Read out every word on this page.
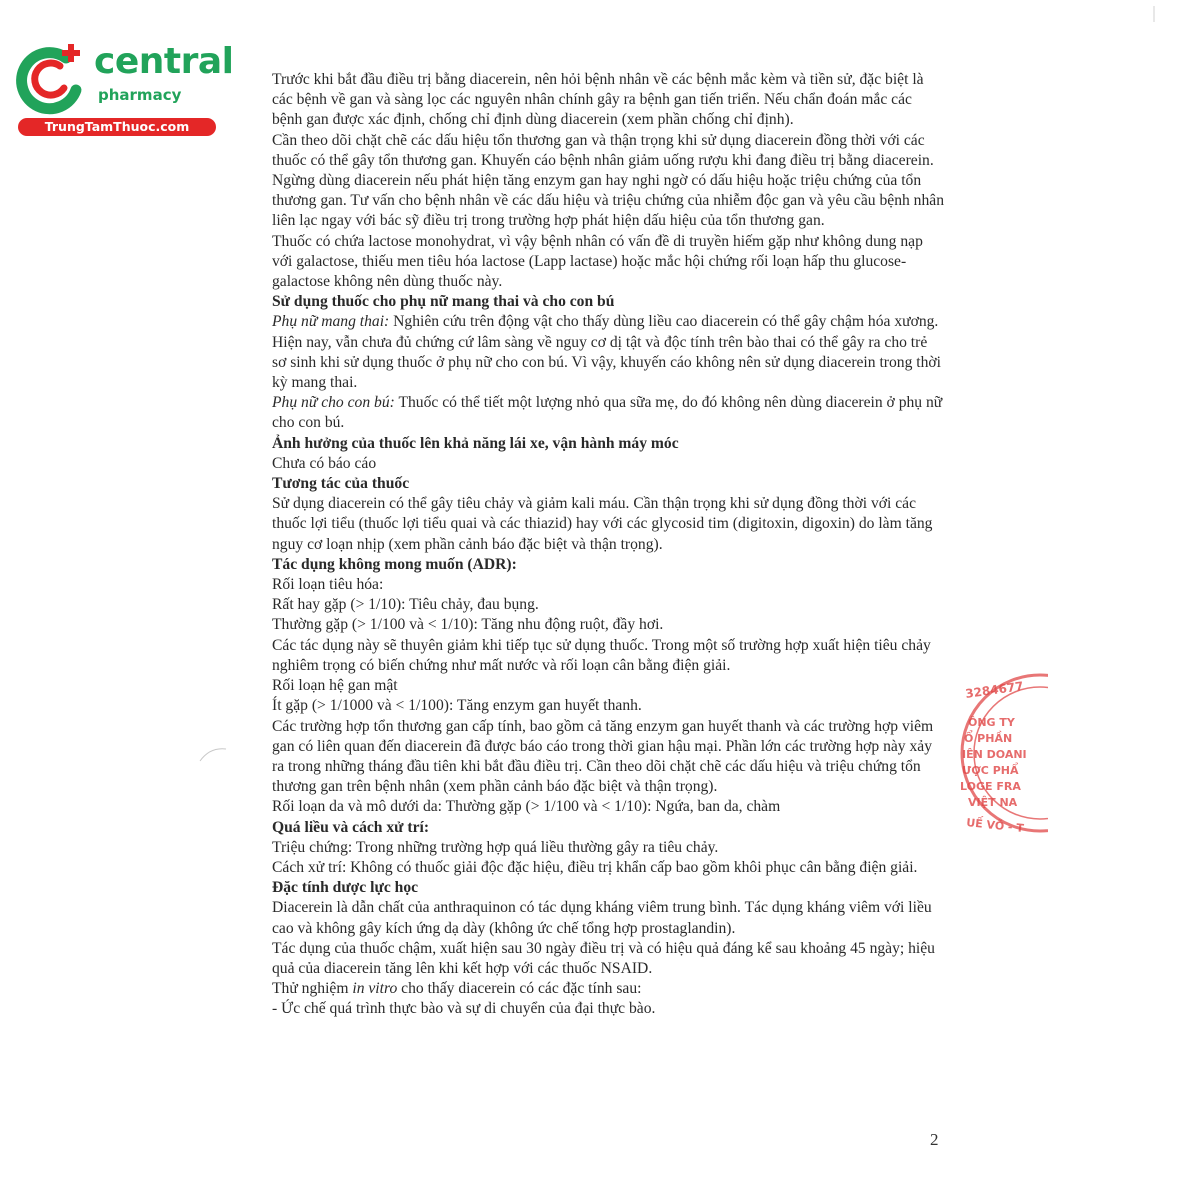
central
pharmacy
TrungTamThuoc.com

Trước khi bắt đầu điều trị bằng diacerein, nên hỏi bệnh nhân về các bệnh mắc kèm và tiền sử, đặc biệt là các bệnh về gan và sàng lọc các nguyên nhân chính gây ra bệnh gan tiến triển. Nếu chẩn đoán mắc các bệnh gan được xác định, chống chỉ định dùng diacerein (xem phần chống chỉ định).

Cần theo dõi chặt chẽ các dấu hiệu tổn thương gan và thận trọng khi sử dụng diacerein đồng thời với các thuốc có thể gây tổn thương gan. Khuyến cáo bệnh nhân giảm uống rượu khi đang điều trị bằng diacerein.

Ngừng dùng diacerein nếu phát hiện tăng enzym gan hay nghi ngờ có dấu hiệu hoặc triệu chứng của tổn thương gan. Tư vấn cho bệnh nhân về các dấu hiệu và triệu chứng của nhiễm độc gan và yêu cầu bệnh nhân liên lạc ngay với bác sỹ điều trị trong trường hợp phát hiện dấu hiệu của tổn thương gan.

Thuốc có chứa lactose monohydrat, vì vậy bệnh nhân có vấn đề di truyền hiếm gặp như không dung nạp với galactose, thiếu men tiêu hóa lactose (Lapp lactase) hoặc mắc hội chứng rối loạn hấp thu glucose-galactose không nên dùng thuốc này.

Sử dụng thuốc cho phụ nữ mang thai và cho con bú

Phụ nữ mang thai: Nghiên cứu trên động vật cho thấy dùng liều cao diacerein có thể gây chậm hóa xương. Hiện nay, vẫn chưa đủ chứng cứ lâm sàng về nguy cơ dị tật và độc tính trên bào thai có thể gây ra cho trẻ sơ sinh khi sử dụng thuốc ở phụ nữ cho con bú. Vì vậy, khuyến cáo không nên sử dụng diacerein trong thời kỳ mang thai.

Phụ nữ cho con bú: Thuốc có thể tiết một lượng nhỏ qua sữa mẹ, do đó không nên dùng diacerein ở phụ nữ cho con bú.

Ảnh hưởng của thuốc lên khả năng lái xe, vận hành máy móc

Chưa có báo cáo

Tương tác của thuốc

Sử dụng diacerein có thể gây tiêu chảy và giảm kali máu. Cần thận trọng khi sử dụng đồng thời với các thuốc lợi tiểu (thuốc lợi tiểu quai và các thiazid) hay với các glycosid tim (digitoxin, digoxin) do làm tăng nguy cơ loạn nhịp (xem phần cảnh báo đặc biệt và thận trọng).

Tác dụng không mong muốn (ADR):

Rối loạn tiêu hóa:

Rất hay gặp (> 1/10): Tiêu chảy, đau bụng.

Thường gặp (> 1/100 và < 1/10): Tăng nhu động ruột, đầy hơi.

Các tác dụng này sẽ thuyên giảm khi tiếp tục sử dụng thuốc. Trong một số trường hợp xuất hiện tiêu chảy nghiêm trọng có biến chứng như mất nước và rối loạn cân bằng điện giải.

Rối loạn hệ gan mật

Ít gặp (> 1/1000 và < 1/100): Tăng enzym gan huyết thanh.

Các trường hợp tổn thương gan cấp tính, bao gồm cả tăng enzym gan huyết thanh và các trường hợp viêm gan có liên quan đến diacerein đã được báo cáo trong thời gian hậu mại. Phần lớn các trường hợp này xảy ra trong những tháng đầu tiên khi bắt đầu điều trị. Cần theo dõi chặt chẽ các dấu hiệu và triệu chứng tổn thương gan trên bệnh nhân (xem phần cảnh báo đặc biệt và thận trọng).

Rối loạn da và mô dưới da: Thường gặp (> 1/100 và < 1/10): Ngứa, ban da, chàm

Quá liều và cách xử trí:

Triệu chứng: Trong những trường hợp quá liều thường gây ra tiêu chảy.

Cách xử trí: Không có thuốc giải độc đặc hiệu, điều trị khẩn cấp bao gồm khôi phục cân bằng điện giải.

Đặc tính dược lực học

Diacerein là dẫn chất của anthraquinon có tác dụng kháng viêm trung bình. Tác dụng kháng viêm với liều cao và không gây kích ứng dạ dày (không ức chế tổng hợp prostaglandin).

Tác dụng của thuốc chậm, xuất hiện sau 30 ngày điều trị và có hiệu quả đáng kể sau khoảng 45 ngày; hiệu quả của diacerein tăng lên khi kết hợp với các thuốc NSAID.

Thử nghiệm in vitro cho thấy diacerein có các đặc tính sau:

- Ức chế quá trình thực bào và sự di chuyển của đại thực bào.

3284677
ÔNG TY
Ổ PHẦN
IÊN DOANI
ƯỢC PHẨ
LOGE FRA
VIỆT NA
UẾ VÕ - T
2
